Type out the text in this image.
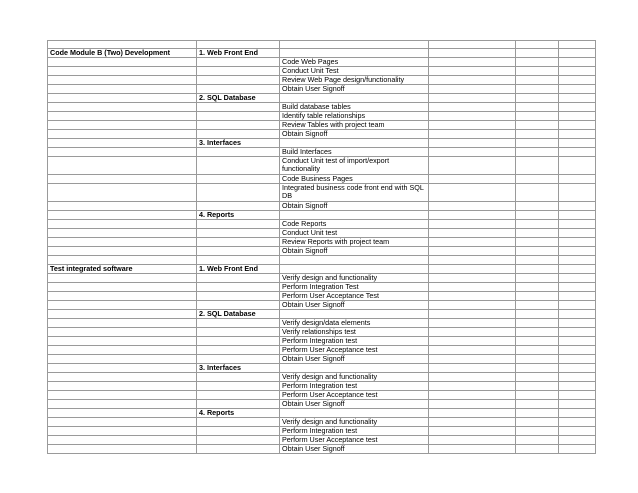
Code Module B (Two) Development	1. Web Front End				
		Code Web Pages			
		Conduct Unit Test			
		Review Web Page design/functionality			
		Obtain User Signoff			
	2. SQL Database				
		Build database tables			
		Identify table relationships			
		Review Tables with project team			
		Obtain Signoff			
	3. Interfaces				
		Build Interfaces			
		Conduct Unit test of import/export functionality			
		Code Business Pages			
		Integrated business code front end with SQL DB			
		Obtain Signoff			
	4. Reports				
		Code Reports			
		Conduct Unit test			
		Review Reports with project team			
		Obtain Signoff			

Test integrated software	1. Web Front End				
		Verify design and functionality			
		Perform Integration Test			
		Perform User Acceptance Test			
		Obtain User Signoff			
	2. SQL Database				
		Verify design/data elements			
		Verify relationships test			
		Perform Integration test			
		Perform User Acceptance test			
		Obtain User Signoff			
	3. Interfaces				
		Verify design and functionality			
		Perform Integration test			
		Perform User Acceptance test			
		Obtain User Signoff			
	4. Reports				
		Verify design and functionality			
		Perform Integration test			
		Perform User Acceptance test			
		Obtain User Signoff			
